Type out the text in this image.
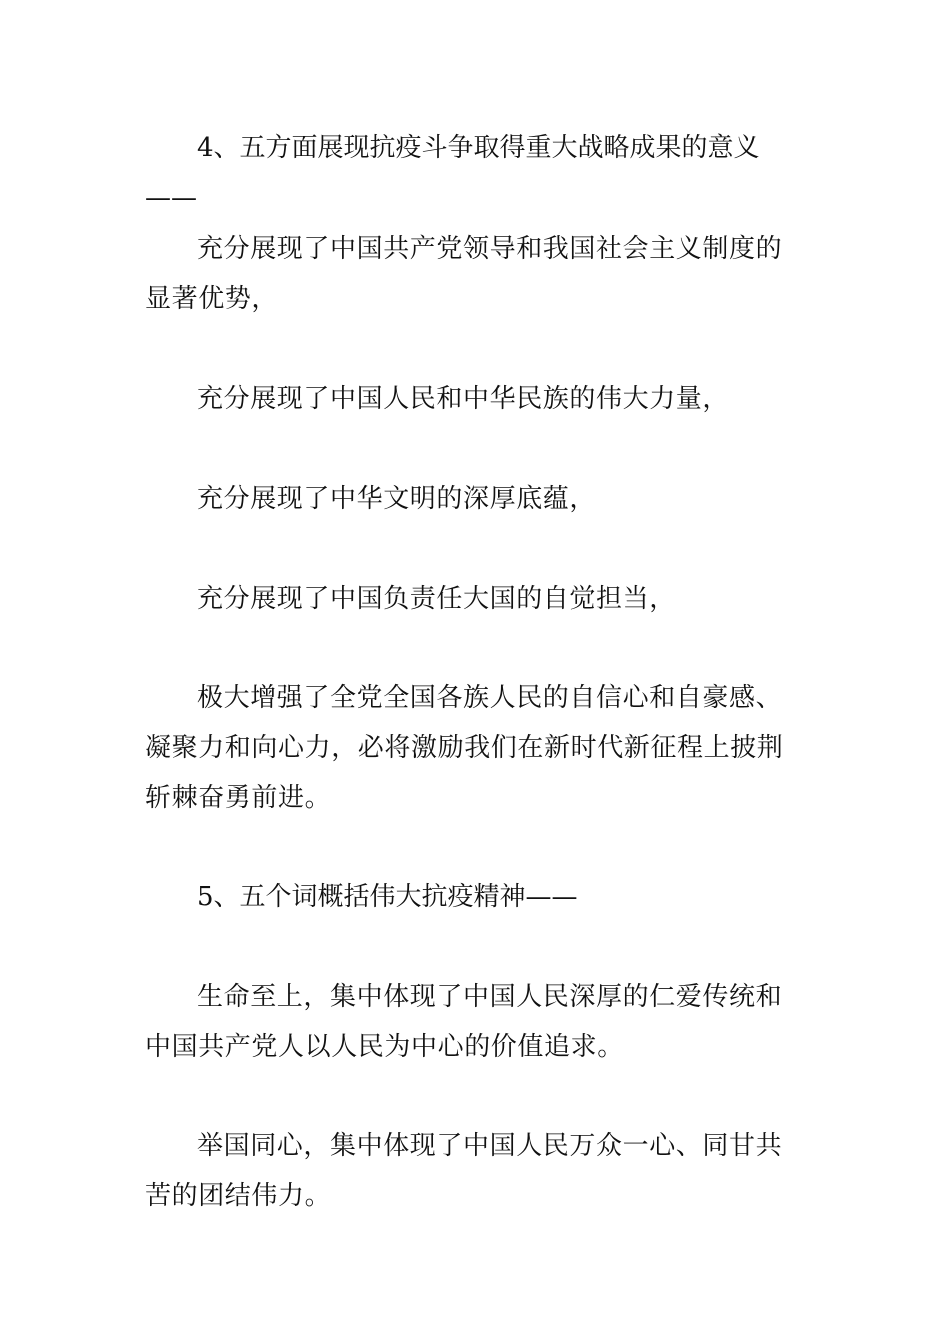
4、五方面展现抗疫斗争取得重大战略成果的意义——

充分展现了中国共产党领导和我国社会主义制度的显著优势，

充分展现了中国人民和中华民族的伟大力量，

充分展现了中华文明的深厚底蕴，

充分展现了中国负责任大国的自觉担当，

极大增强了全党全国各族人民的自信心和自豪感、凝聚力和向心力，必将激励我们在新时代新征程上披荆斩棘奋勇前进。

5、五个词概括伟大抗疫精神——

生命至上，集中体现了中国人民深厚的仁爱传统和中国共产党人以人民为中心的价值追求。

举国同心，集中体现了中国人民万众一心、同甘共苦的团结伟力。
